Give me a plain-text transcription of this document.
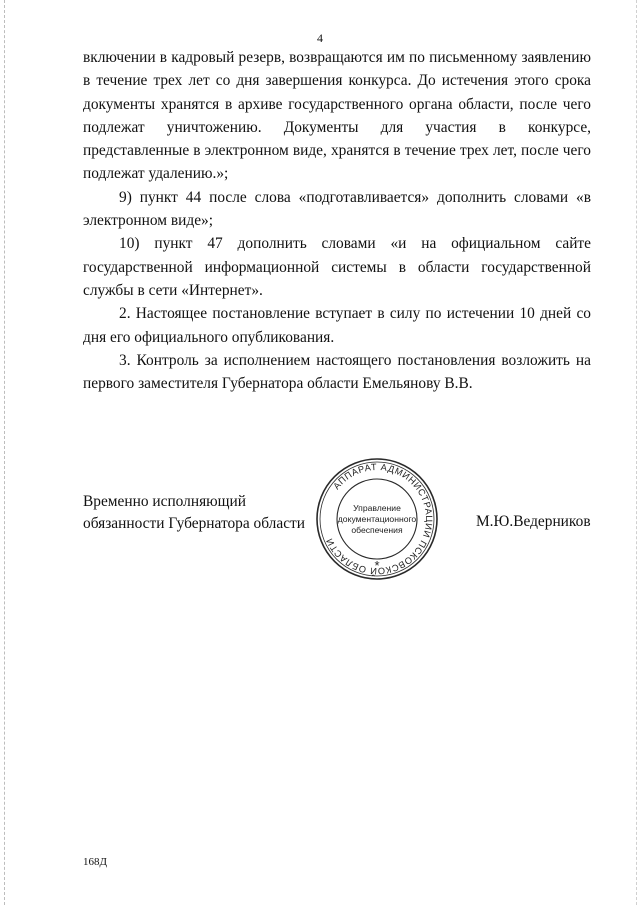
4

включении в кадровый резерв, возвращаются им по письменному заявлению в течение трех лет со дня завершения конкурса. До истечения этого срока документы хранятся в архиве государственного органа области, после чего подлежат уничтожению. Документы для участия в конкурсе, представленные в электронном виде, хранятся в течение трех лет, после чего подлежат удалению.»;

9) пункт 44 после слова «подготавливается» дополнить словами «в электронном виде»;

10) пункт 47 дополнить словами «и на официальном сайте государственной информационной системы в области государственной службы в сети «Интернет».

2. Настоящее постановление вступает в силу по истечении 10 дней со дня его официального опубликования.

3. Контроль за исполнением настоящего постановления возложить на первого заместителя Губернатора области Емельянову В.В.

Временно исполняющий
обязанности Губернатора области
АППАРАТ АДМИНИСТРАЦИИ ПСКОВСКОЙ ОБЛАСТИ
Управление
документационного
обеспечения
*
М.Ю.Ведерников
168Д
